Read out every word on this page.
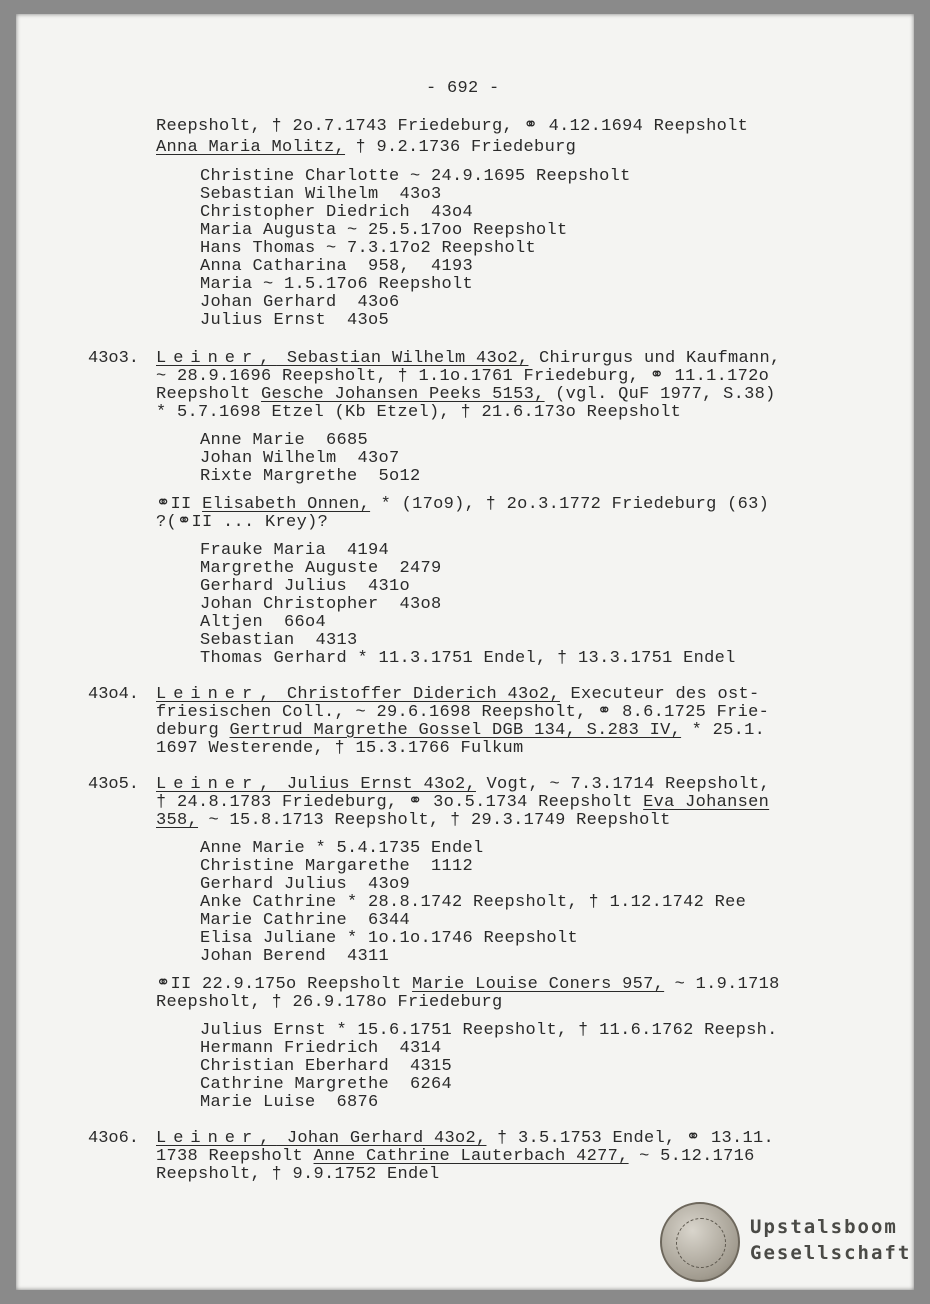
- 692 -
Upstalsboom
Gesellschaft
Reepsholt, † 2o.7.1743 Friedeburg, ⚭ 4.12.1694 Reepsholt
Anna Maria Molitz, † 9.2.1736 Friedeburg
Christine Charlotte ~ 24.9.1695 Reepsholt
Sebastian Wilhelm  43o3
Christopher Diedrich  43o4
Maria Augusta ~ 25.5.17oo Reepsholt
Hans Thomas ~ 7.3.17o2 Reepsholt
Anna Catharina  958,  4193
Maria ~ 1.5.17o6 Reepsholt
Johan Gerhard  43o6
Julius Ernst  43o5
43o3. Leiner, Sebastian Wilhelm 43o2, Chirurgus und Kaufmann,
~ 28.9.1696 Reepsholt, † 1.1o.1761 Friedeburg, ⚭ 11.1.172o
Reepsholt Gesche Johansen Peeks 5153, (vgl. QuF 1977, S.38)
* 5.7.1698 Etzel (Kb Etzel), † 21.6.173o Reepsholt
Anne Marie  6685
Johan Wilhelm  43o7
Rixte Margrethe  5o12
⚭II Elisabeth Onnen, * (17o9), † 2o.3.1772 Friedeburg (63)
?(⚭II ... Krey)?
Frauke Maria  4194
Margrethe Auguste  2479
Gerhard Julius  431o
Johan Christopher  43o8
Altjen  66o4
Sebastian  4313
Thomas Gerhard * 11.3.1751 Endel, † 13.3.1751 Endel
43o4. Leiner, Christoffer Diderich 43o2, Executeur des ost-
friesischen Coll., ~ 29.6.1698 Reepsholt, ⚭ 8.6.1725 Frie-
deburg Gertrud Margrethe Gossel DGB 134, S.283 IV, * 25.1.
1697 Westerende, † 15.3.1766 Fulkum
43o5. Leiner, Julius Ernst 43o2, Vogt, ~ 7.3.1714 Reepsholt,
† 24.8.1783 Friedeburg, ⚭ 3o.5.1734 Reepsholt Eva Johansen
358, ~ 15.8.1713 Reepsholt, † 29.3.1749 Reepsholt
Anne Marie * 5.4.1735 Endel
Christine Margarethe  1112
Gerhard Julius  43o9
Anke Cathrine * 28.8.1742 Reepsholt, † 1.12.1742 Ree
Marie Cathrine  6344
Elisa Juliane * 1o.1o.1746 Reepsholt
Johan Berend  4311
⚭II 22.9.175o Reepsholt Marie Louise Coners 957, ~ 1.9.1718
Reepsholt, † 26.9.178o Friedeburg
Julius Ernst * 15.6.1751 Reepsholt, † 11.6.1762 Reepsh.
Hermann Friedrich  4314
Christian Eberhard  4315
Cathrine Margrethe  6264
Marie Luise  6876
43o6. Leiner, Johan Gerhard 43o2, † 3.5.1753 Endel, ⚭ 13.11.
1738 Reepsholt Anne Cathrine Lauterbach 4277, ~ 5.12.1716
Reepsholt, † 9.9.1752 Endel
